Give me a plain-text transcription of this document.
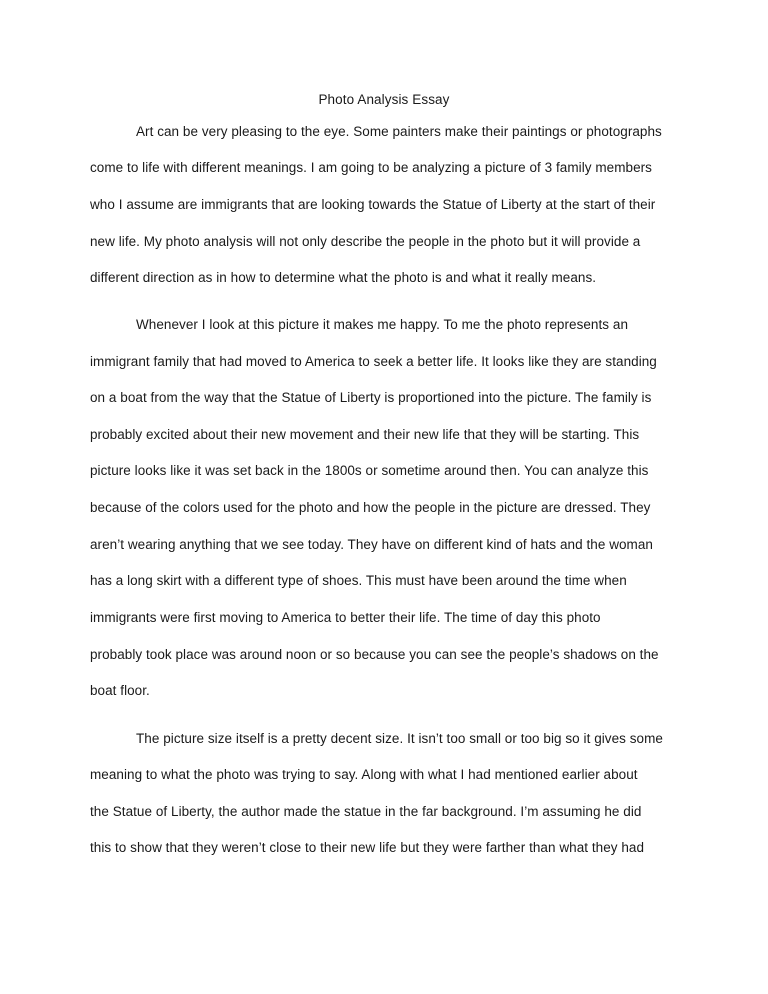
Photo Analysis Essay
Art can be very pleasing to the eye. Some painters make their paintings or photographs
come to life with different meanings. I am going to be analyzing a picture of 3 family members
who I assume are immigrants that are looking towards the Statue of Liberty at the start of their
new life. My photo analysis will not only describe the people in the photo but it will provide a
different direction as in how to determine what the photo is and what it really means.
Whenever I look at this picture it makes me happy. To me the photo represents an
immigrant family that had moved to America to seek a better life. It looks like they are standing
on a boat from the way that the Statue of Liberty is proportioned into the picture. The family is
probably excited about their new movement and their new life that they will be starting. This
picture looks like it was set back in the 1800s or sometime around then. You can analyze this
because of the colors used for the photo and how the people in the picture are dressed. They
aren’t wearing anything that we see today. They have on different kind of hats and the woman
has a long skirt with a different type of shoes. This must have been around the time when
immigrants were first moving to America to better their life. The time of day this photo
probably took place was around noon or so because you can see the people’s shadows on the
boat floor.
The picture size itself is a pretty decent size. It isn’t too small or too big so it gives some
meaning to what the photo was trying to say. Along with what I had mentioned earlier about
the Statue of Liberty, the author made the statue in the far background. I’m assuming he did
this to show that they weren’t close to their new life but they were farther than what they had
